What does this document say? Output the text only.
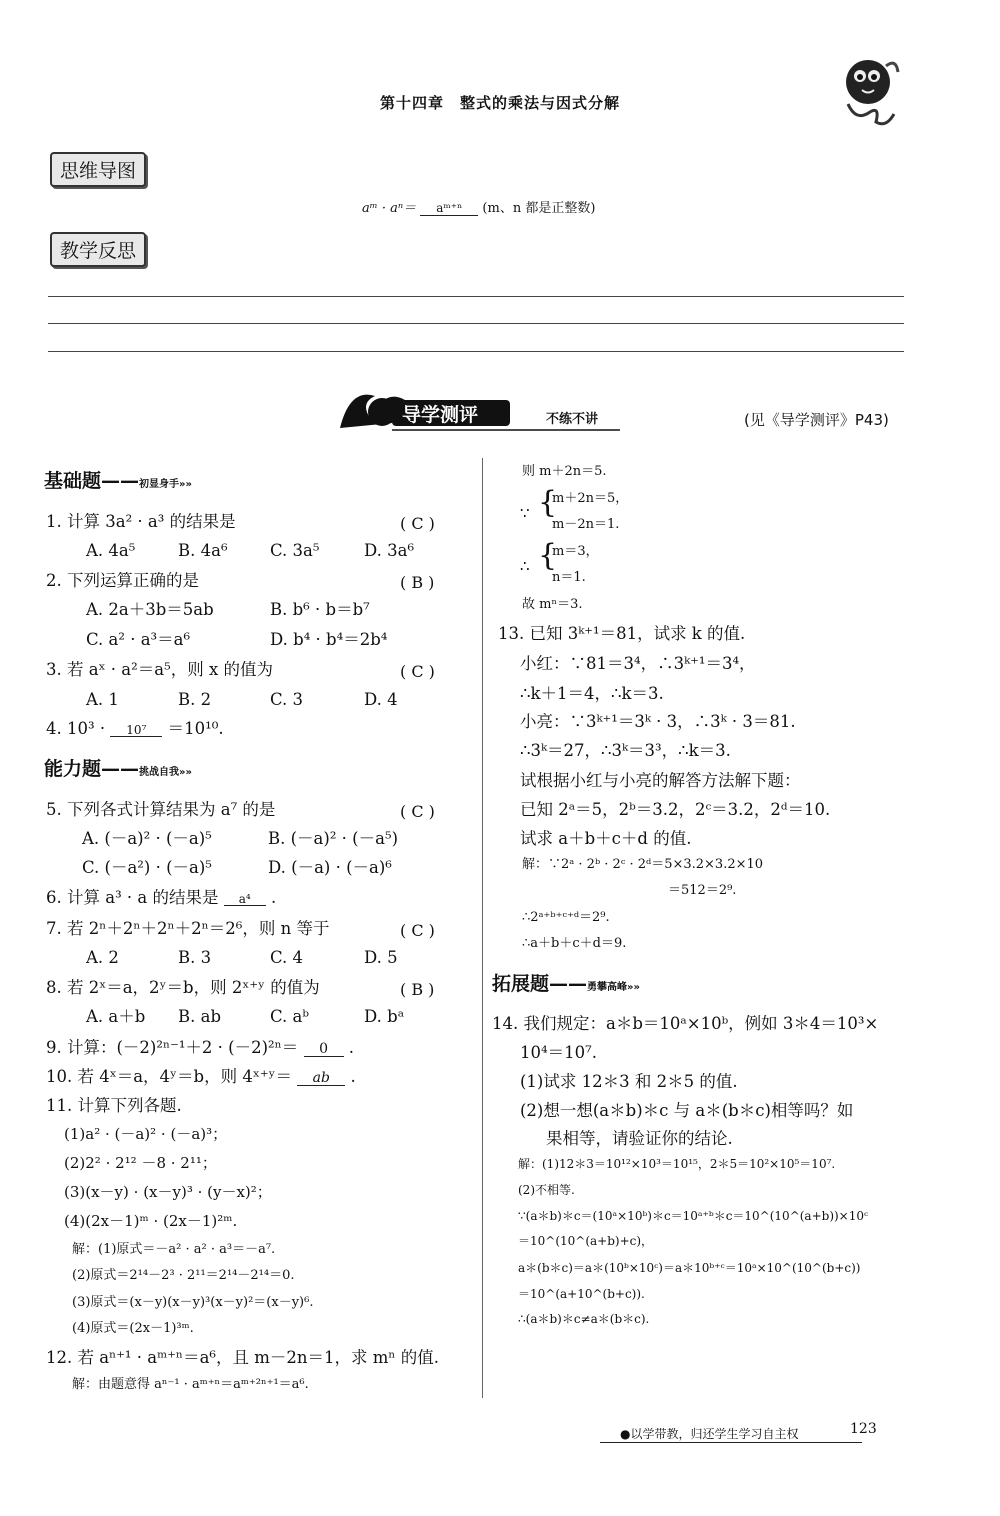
第十四章　整式的乘法与因式分解
思维导图
aᵐ · aⁿ＝ aᵐ⁺ⁿ (m、n 都是正整数)
教学反思
导学测评	不练不讲	(见《导学测评》P43)
基础题——初显身手»»
1. 计算 3a² · a³ 的结果是	( C )
A. 4a⁵	B. 4a⁶	C. 3a⁵	D. 3a⁶
2. 下列运算正确的是	( B )
A. 2a＋3b＝5ab	B. b⁶ · b＝b⁷
C. a² · a³＝a⁶	D. b⁴ · b⁴＝2b⁴
3. 若 aˣ · a²＝a⁵，则 x 的值为	( C )
A. 1	B. 2	C. 3	D. 4
4. 10³ · 10⁷ ＝10¹⁰.
能力题——挑战自我»»
5. 下列各式计算结果为 a⁷ 的是	( C )
A. (－a)² · (－a)⁵	B. (－a)² · (－a⁵)
C. (－a²) · (－a)⁵	D. (－a) · (－a)⁶
6. 计算 a³ · a 的结果是 a⁴ .
7. 若 2ⁿ＋2ⁿ＋2ⁿ＋2ⁿ＝2⁶，则 n 等于	( C )
A. 2	B. 3	C. 4	D. 5
8. 若 2ˣ＝a，2ʸ＝b，则 2ˣ⁺ʸ 的值为	( B )
A. a＋b B. ab	C. aᵇ	D. bᵃ
9. 计算：(－2)²ⁿ⁻¹＋2 · (－2)²ⁿ＝ 0 .
10. 若 4ˣ＝a，4ʸ＝b，则 4ˣ⁺ʸ＝ ab .
11. 计算下列各题.
(1)a² · (－a)² · (－a)³；
(2)2² · 2¹² －8 · 2¹¹；
(3)(x－y) · (x－y)³ · (y－x)²；
(4)(2x－1)ᵐ · (2x－1)²ᵐ.
解：(1)原式＝－a² · a² · a³＝－a⁷.
(2)原式＝2¹⁴－2³ · 2¹¹＝2¹⁴－2¹⁴＝0.
(3)原式＝(x－y)(x－y)³(x－y)²＝(x－y)⁶.
(4)原式＝(2x－1)³ᵐ.
12. 若 aⁿ⁺¹ · aᵐ⁺ⁿ＝a⁶，且 m－2n＝1，求 mⁿ 的值.
解：由题意得 aⁿ⁻¹ · aᵐ⁺ⁿ＝aᵐ⁺²ⁿ⁺¹＝a⁶.
则 m＋2n＝5.
∵ {
m＋2n＝5，
m－2n＝1.
∴ {
m＝3，
n＝1.
故 mⁿ＝3.
13. 已知 3ᵏ⁺¹＝81，试求 k 的值.
小红：∵81＝3⁴，∴3ᵏ⁺¹＝3⁴，
∴k＋1＝4，∴k＝3.
小亮：∵3ᵏ⁺¹＝3ᵏ · 3，∴3ᵏ · 3＝81.
∴3ᵏ＝27，∴3ᵏ＝3³，∴k＝3.
试根据小红与小亮的解答方法解下题：
已知 2ᵃ＝5，2ᵇ＝3.2，2ᶜ＝3.2，2ᵈ＝10.
试求 a＋b＋c＋d 的值.
解：∵2ᵃ · 2ᵇ · 2ᶜ · 2ᵈ＝5×3.2×3.2×10
＝512＝2⁹.
∴2ᵃ⁺ᵇ⁺ᶜ⁺ᵈ＝2⁹.
∴a＋b＋c＋d＝9.
拓展题——勇攀高峰»»
14. 我们规定：a＊b＝10ᵃ×10ᵇ，例如 3＊4＝10³×
10⁴＝10⁷.
(1)试求 12＊3 和 2＊5 的值.
(2)想一想(a＊b)＊c 与 a＊(b＊c)相等吗？如
果相等，请验证你的结论.
解：(1)12＊3＝10¹²×10³＝10¹⁵，2＊5＝10²×10⁵＝10⁷.
(2)不相等.
∵(a＊b)＊c＝(10ᵃ×10ᵇ)＊c＝10ᵃ⁺ᵇ＊c＝10^(10^(a+b))×10ᶜ
＝10^(10^(a+b)+c)，
a＊(b＊c)＝a＊(10ᵇ×10ᶜ)＝a＊10ᵇ⁺ᶜ＝10ᵃ×10^(10^(b+c))
＝10^(a+10^(b+c)).
∴(a＊b)＊c≠a＊(b＊c).
●以学带教，归还学生学习自主权	123
